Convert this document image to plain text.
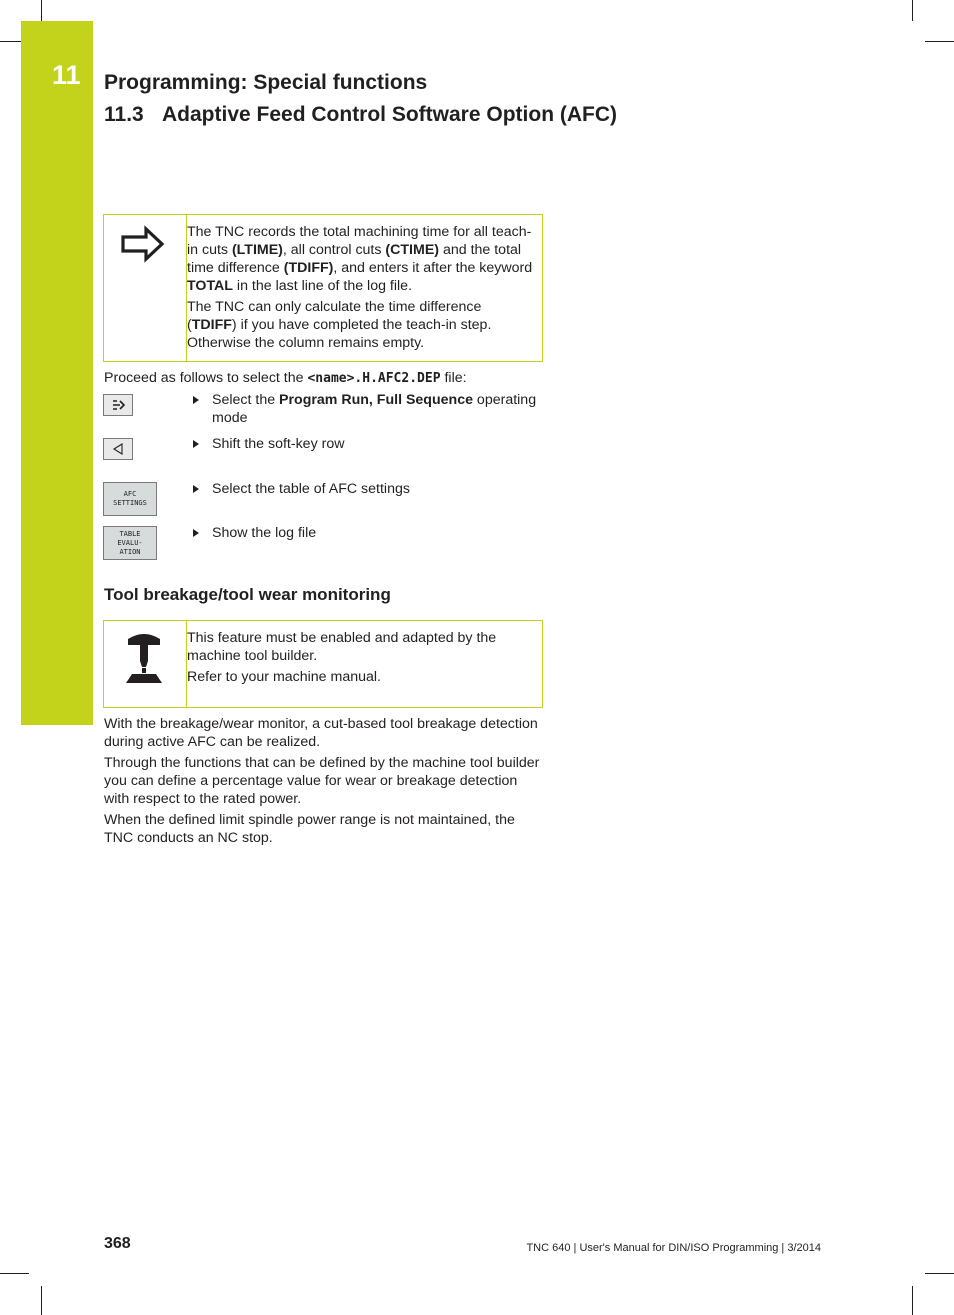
11 Programming: Special functions
11.3 Adaptive Feed Control Software Option (AFC)

The TNC records the total machining time for all teach-in cuts (LTIME), all control cuts (CTIME) and the total time difference (TDIFF), and enters it after the keyword TOTAL in the last line of the log file.

The TNC can only calculate the time difference (TDIFF) if you have completed the teach-in step. Otherwise the column remains empty.

Proceed as follows to select the <name>.H.AFC2.DEP file:

Select the Program Run, Full Sequence operating mode
Shift the soft-key row
AFC
SETTINGS
Select the table of AFC settings
TABLE
EVALU-
ATION
Show the log file
Tool breakage/tool wear monitoring

This feature must be enabled and adapted by the machine tool builder.

Refer to your machine manual.

With the breakage/wear monitor, a cut-based tool breakage detection during active AFC can be realized.

Through the functions that can be defined by the machine tool builder you can define a percentage value for wear or breakage detection with respect to the rated power.

When the defined limit spindle power range is not maintained, the TNC conducts an NC stop.

368	TNC 640 | User's Manual for DIN/ISO Programming | 3/2014
